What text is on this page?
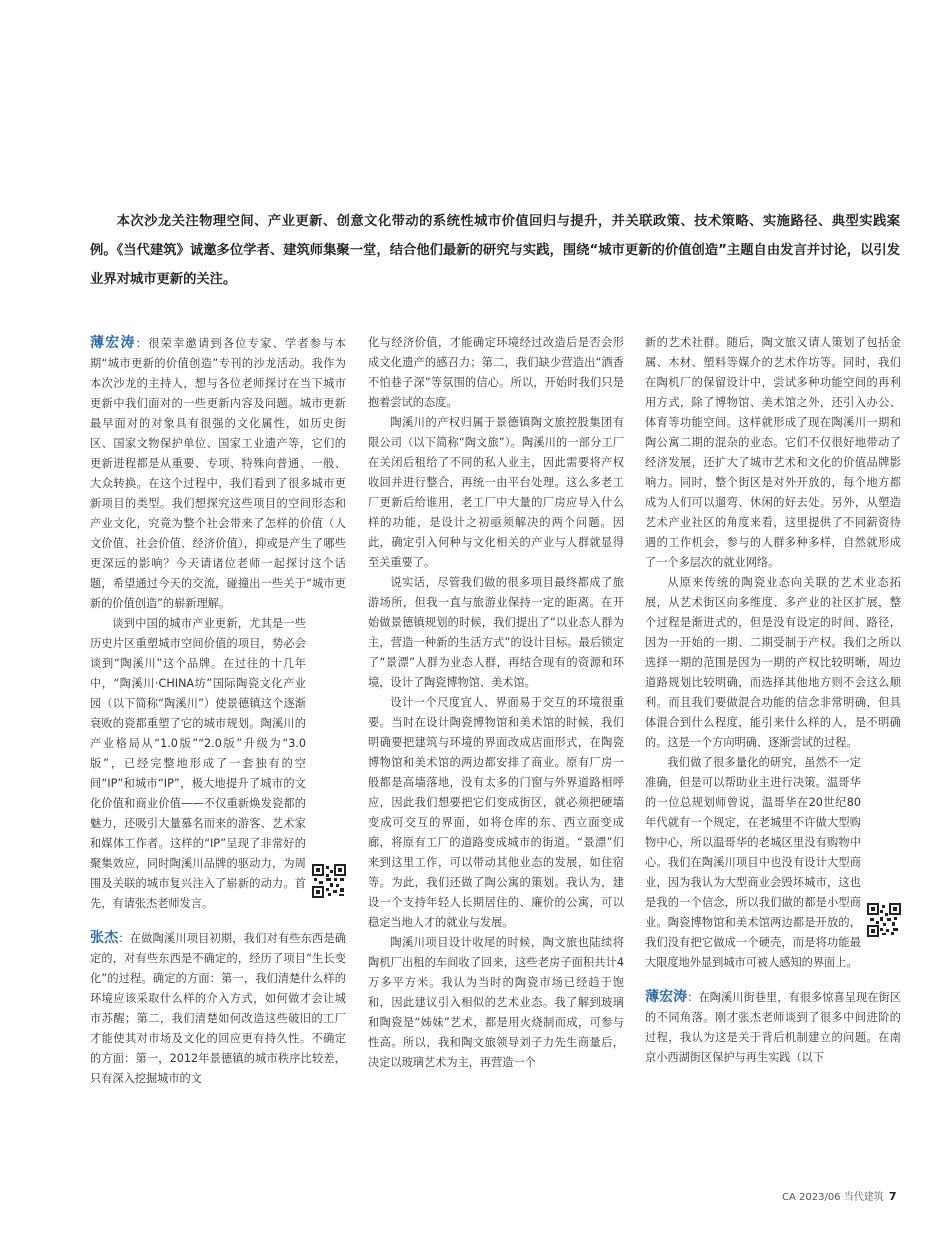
本次沙龙关注物理空间、产业更新、创意文化带动的系统性城市价值回归与提升，并关联政策、技术策略、实施路径、典型实践案例。《当代建筑》诚邀多位学者、建筑师集聚一堂，结合他们最新的研究与实践，围绕“城市更新的价值创造”主题自由发言并讨论，以引发业界对城市更新的关注。

薄宏涛：很荣幸邀请到各位专家、学者参与本期“城市更新的价值创造”专刊的沙龙活动。我作为本次沙龙的主持人，想与各位老师探讨在当下城市更新中我们面对的一些更新内容及问题。城市更新最早面对的对象具有很强的文化属性，如历史街区、国家文物保护单位、国家工业遗产等，它们的更新进程都是从重要、专项、特殊向普通、一般、大众转换。在这个过程中，我们看到了很多城市更新项目的类型。我们想探究这些项目的空间形态和产业文化，究竟为整个社会带来了怎样的价值（人文价值、社会价值、经济价值），抑或是产生了哪些更深远的影响？今天请诸位老师一起探讨这个话题，希望通过今天的交流，碰撞出一些关于“城市更新的价值创造”的崭新理解。

谈到中国的城市产业更新，尤其是一些历史片区重塑城市空间价值的项目，势必会谈到“陶溪川”这个品牌。在过往的十几年中，“陶溪川·CHINA坊”国际陶瓷文化产业园（以下简称“陶溪川”）使景德镇这个逐渐衰败的瓷都重塑了它的城市规划。陶溪川的产业格局从“1.0版”“2.0版”升级为“3.0版”，已经完整地形成了一套独有的空间“IP”和城市“IP”，极大地提升了城市的文化价值和商业价值——不仅重新焕发瓷都的魅力，还吸引大量慕名而来的游客、艺术家和媒体工作者。这样的“IP”呈现了非常好的聚集效应，同时陶溪川品牌的驱动力，为周围及关联的城市复兴注入了崭新的动力。首先，有请张杰老师发言。

张杰：在做陶溪川项目初期，我们对有些东西是确定的，对有些东西是不确定的，经历了项目“生长变化”的过程。确定的方面：第一，我们清楚什么样的环境应该采取什么样的介入方式，如何做才会让城市苏醒；第二，我们清楚如何改造这些破旧的工厂才能使其对市场及文化的回应更有持久性。不确定的方面：第一，2012年景德镇的城市秩序比较差，只有深入挖掘城市的文

化与经济价值，才能确定环境经过改造后是否会形成文化遗产的感召力；第二，我们缺少营造出“酒香不怕巷子深”等氛围的信心。所以，开始时我们只是抱着尝试的态度。

陶溪川的产权归属于景德镇陶文旅控股集团有限公司（以下简称“陶文旅”）。陶溪川的一部分工厂在关闭后租给了不同的私人业主，因此需要将产权收回并进行整合，再统一由平台处理。这么多老工厂更新后给谁用，老工厂中大量的厂房应导入什么样的功能，是设计之初亟须解决的两个问题。因此，确定引入何种与文化相关的产业与人群就显得至关重要了。

说实话，尽管我们做的很多项目最终都成了旅游场所，但我一直与旅游业保持一定的距离。在开始做景德镇规划的时候，我们提出了“以业态人群为主，营造一种新的生活方式”的设计目标。最后锁定了“景漂”人群为业态人群，再结合现有的资源和环境，设计了陶瓷博物馆、美术馆。

设计一个尺度宜人、界面易于交互的环境很重要。当时在设计陶瓷博物馆和美术馆的时候，我们明确要把建筑与环境的界面改成店面形式，在陶瓷博物馆和美术馆的两边都安排了商业。原有厂房一般都是高墙落地，没有太多的门窗与外界道路相呼应，因此我们想要把它们变成街区，就必须把硬墙变成可交互的界面，如将仓库的东、西立面变成廊，将原有工厂的道路变成城市的街道。“景漂”们来到这里工作，可以带动其他业态的发展，如住宿等。为此，我们还做了陶公寓的策划。我认为，建设一个支持年轻人长期居住的、廉价的公寓，可以稳定当地人才的就业与发展。

陶溪川项目设计收尾的时候，陶文旅也陆续将陶机厂出租的车间收了回来，这些老房子面积共计4万多平方米。我认为当时的陶瓷市场已经趋于饱和，因此建议引入相似的艺术业态。我了解到玻璃和陶瓷是“姊妹”艺术，都是用火烧制而成，可参与性高。所以，我和陶文旅领导刘子力先生商量后，决定以玻璃艺术为主，再营造一个

新的艺术社群。随后，陶文旅又请人策划了包括金属、木材、塑料等媒介的艺术作坊等。同时，我们在陶机厂的保留设计中，尝试多种功能空间的再利用方式，除了博物馆、美术馆之外，还引入办公、体育等功能空间。这样就形成了现在陶溪川一期和陶公寓二期的混杂的业态。它们不仅很好地带动了经济发展，还扩大了城市艺术和文化的价值品牌影响力。同时，整个街区是对外开放的，每个地方都成为人们可以遛弯、休闲的好去处。另外，从塑造艺术产业社区的角度来看，这里提供了不同薪资待遇的工作机会，参与的人群多种多样，自然就形成了一个多层次的就业网络。

从原来传统的陶瓷业态向关联的艺术业态拓展，从艺术街区向多维度、多产业的社区扩展，整个过程是渐进式的，但是没有设定的时间、路径，因为一开始的一期、二期受制于产权。我们之所以选择一期的范围是因为一期的产权比较明晰，周边道路规划比较明确，而选择其他地方则不会这么顺利。而且我们要做混合功能的信念非常明确，但具体混合到什么程度，能引来什么样的人，是不明确的。这是一个方向明确、逐渐尝试的过程。

我们做了很多量化的研究，虽然不一定准确，但是可以帮助业主进行决策。温哥华的一位总规划师曾说，温哥华在20世纪80年代就有一个规定，在老城里不许做大型购物中心，所以温哥华的老城区里没有购物中心。我们在陶溪川项目中也没有设计大型商业，因为我认为大型商业会毁坏城市，这也是我的一个信念，所以我们做的都是小型商业。陶瓷博物馆和美术馆两边都是开放的，我们没有把它做成一个硬壳，而是将功能最大限度地外显到城市可被人感知的界面上。

薄宏涛：在陶溪川街巷里，有很多惊喜呈现在街区的不同角落。刚才张杰老师谈到了很多中间进阶的过程，我认为这是关于背后机制建立的问题。在南京小西湖街区保护与再生实践（以下

CA 2023/06 当代建筑 7
